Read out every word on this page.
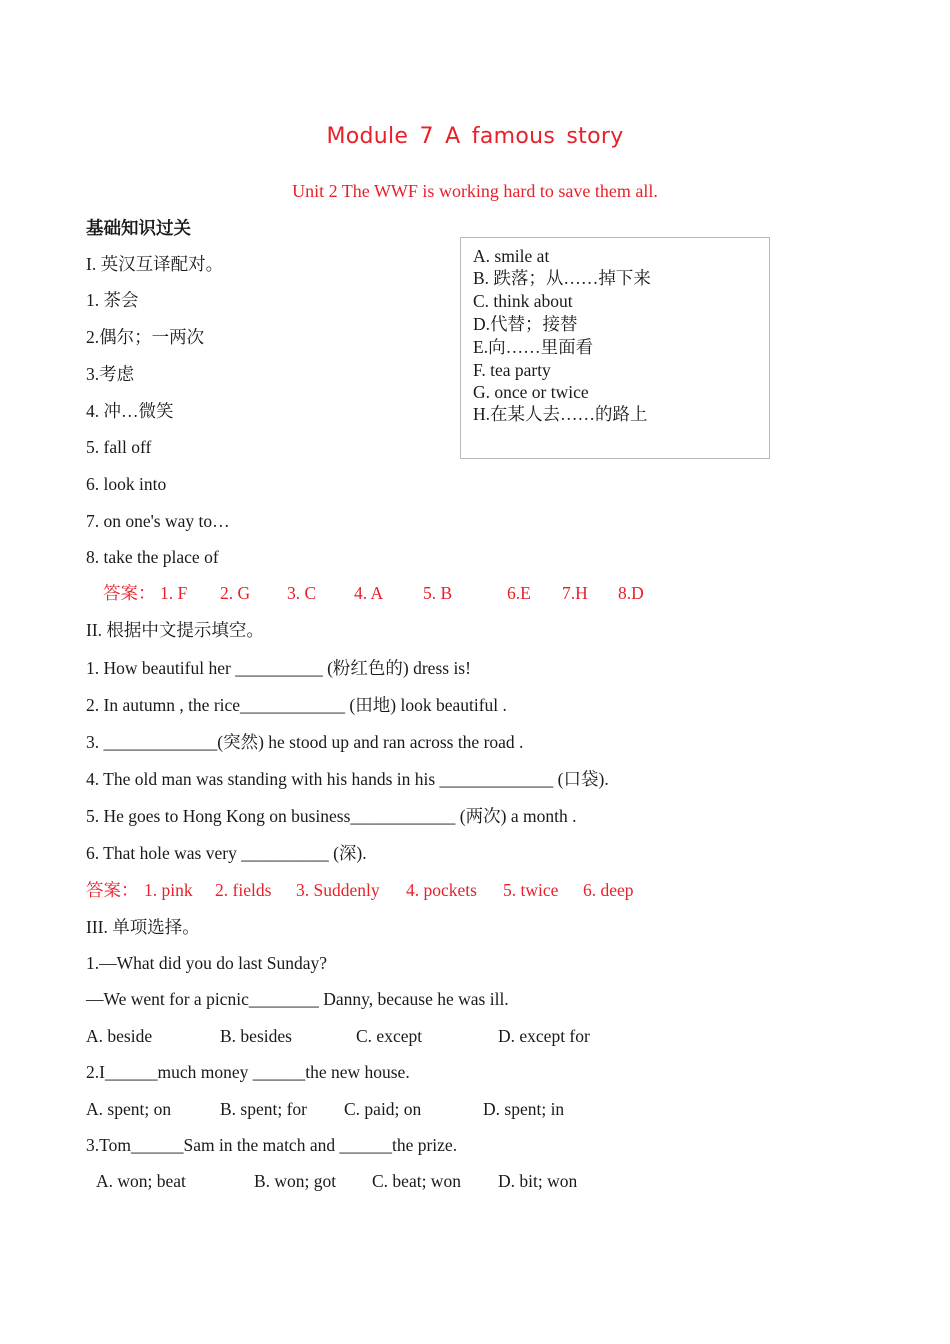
Module 7 A famous story
Unit 2 The WWF is working hard to save them all.
基础知识过关
I. 英汉互译配对。
1. 茶会
2.偶尔；一两次
3.考虑
4. 冲…微笑
5. fall off
6. look into
7. on one's way to…
8. take the place of
A. smile at
B. 跌落；从……掉下来
C. think about
D.代替；接替
E.向……里面看
F. tea party
G. once or twice
H.在某人去……的路上
答案： 1. F 2. G 3. C 4. A 5. B	6.E 7.H 8.D
II. 根据中文提示填空。
1. How beautiful her __________ (粉红色的) dress is!
2. In autumn , the rice____________ (田地) look beautiful .
3. _____________(突然) he stood up and ran across the road .
4. The old man was standing with his hands in his _____________ (口袋).
5. He goes to Hong Kong on business____________ (两次) a month .
6. That hole was very __________ (深).
答案： 1. pink 2. fields 3. Suddenly 4. pockets 5. twice 6. deep
III. 单项选择。
1.—What did you do last Sunday?
—We went for a picnic________ Danny, because he was ill.
A. beside	B. besides	C. except	D. except for
2.I______much money ______the new house.
A. spent; on	B. spent; for C. paid; on	D. spent; in
3.Tom______Sam in the match and ______the prize.
A. won; beat	B. won; got C. beat; won D. bit; won
